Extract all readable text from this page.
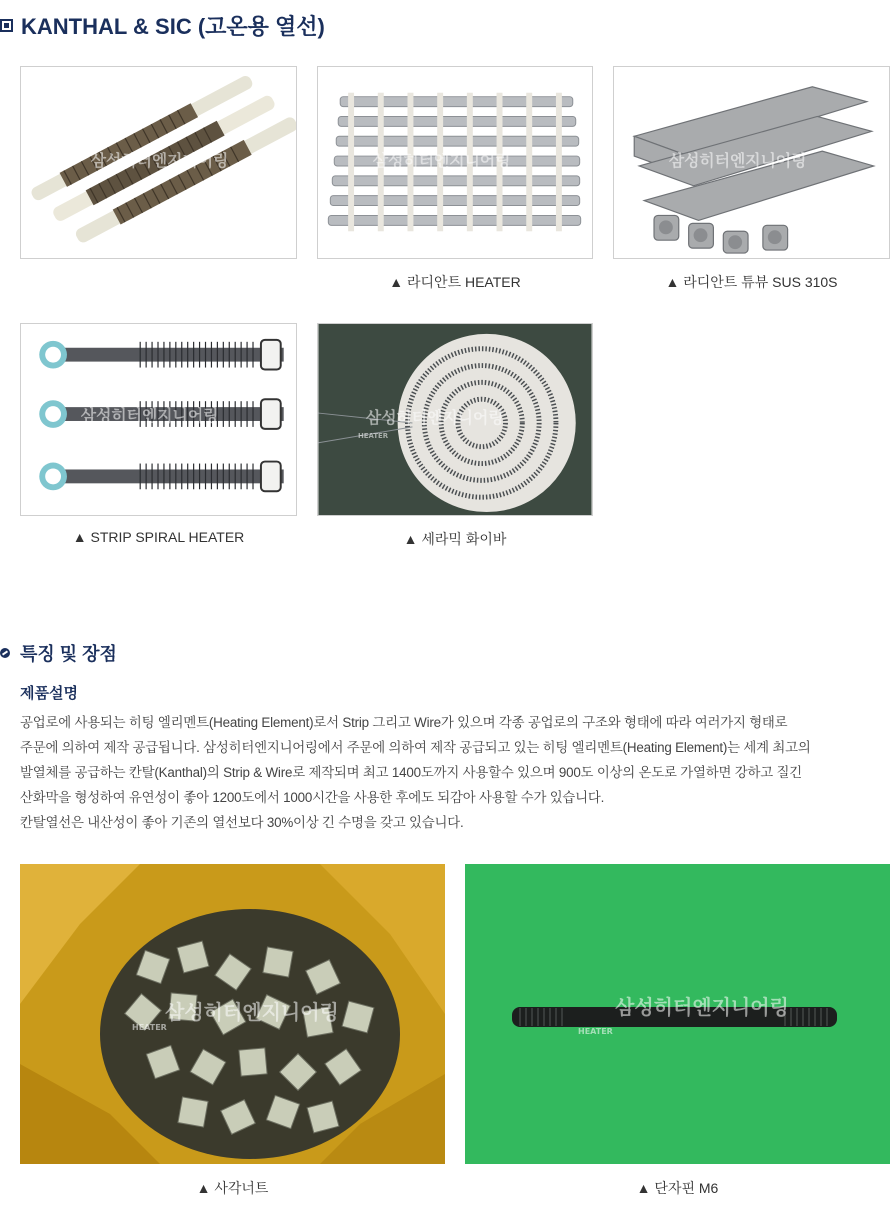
KANTHAL & SIC (고온용 열선)
삼성히터엔지니어링	삼성히터엔지니어링	삼성히터엔지니어링
▲ 라디안트 HEATER	▲ 라디안트 튜뷰 SUS 310S
삼성히터엔지니어링	삼성히터엔지니어링
HEATER
▲ STRIP SPIRAL HEATER	▲ 세라믹 화이바
특징 및 장점
제품설명

공업로에 사용되는 히팅 엘리멘트(Heating Element)로서 Strip 그리고 Wire가 있으며 각종 공업로의 구조와 형태에 따라 여러가지 형태로

주문에 의하여 제작 공급됩니다. 삼성히터엔지니어링에서 주문에 의하여 제작 공급되고 있는 히팅 엘리멘트(Heating Element)는 세계 최고의

발열체를 공급하는 칸탈(Kanthal)의 Strip & Wire로 제작되며 최고 1400도까지 사용할수 있으며 900도 이상의 온도로 가열하면 강하고 질긴

산화막을 형성하여 유연성이 좋아 1200도에서 1000시간을 사용한 후에도 되감아 사용할 수가 있습니다.

칸탈열선은 내산성이 좋아 기존의 열선보다 30%이상 긴 수명을 갖고 있습니다.

삼성히터엔지니어링
HEATER
삼성히터엔지니어링
HEATER
▲ 사각너트	▲ 단자핀 M6
